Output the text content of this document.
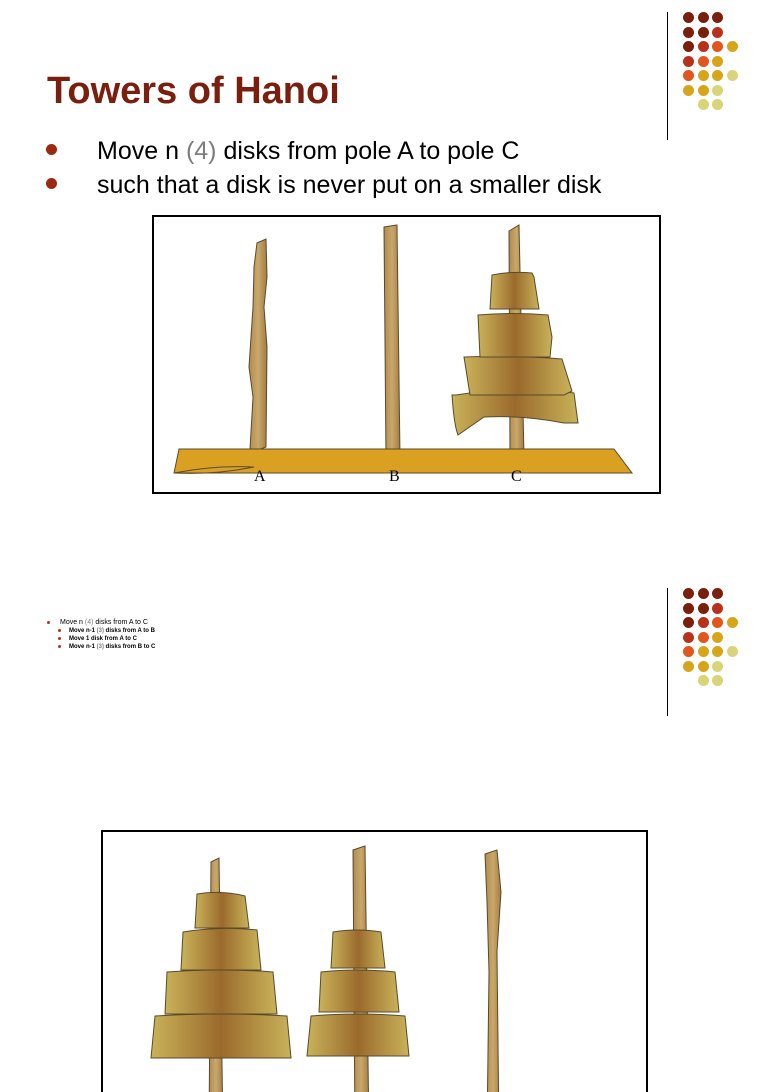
Towers of Hanoi
Move n (4) disks from pole A to pole C
such that a disk is never put on a smaller disk
A	B	C
Move n (4) disks from A to C
Move n-1 (3) disks from A to B
Move 1 disk from A to C
Move n-1 (3) disks from B to C
